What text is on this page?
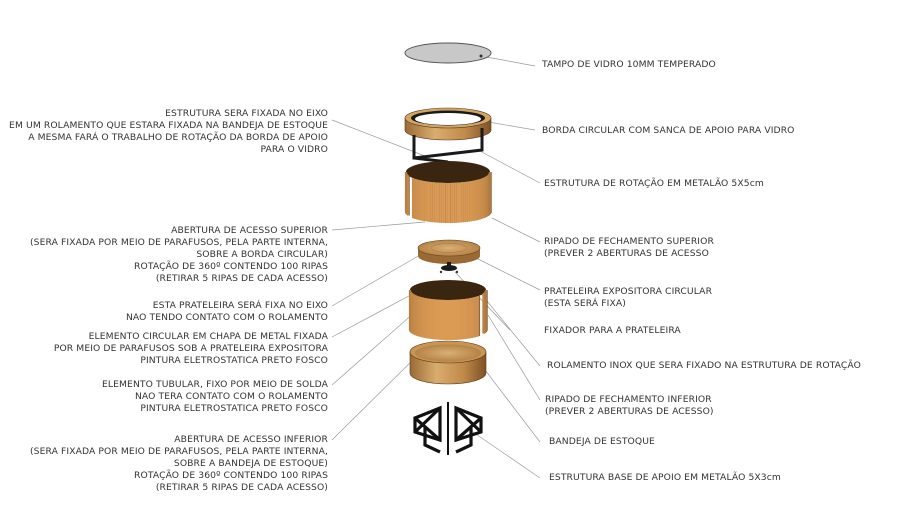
TAMPO DE VIDRO 10MM TEMPERADO
BORDA CIRCULAR COM SANCA DE APOIO PARA VIDRO
ESTRUTURA DE ROTAÇÃO EM METALÃO 5X5cm
RIPADO DE FECHAMENTO SUPERIOR
(PREVER 2 ABERTURAS DE ACESSO
PRATELEIRA EXPOSITORA CIRCULAR
(ESTA SERÁ FIXA)
FIXADOR PARA A PRATELEIRA
ROLAMENTO INOX QUE SERA FIXADO NA ESTRUTURA DE ROTAÇÃO
RIPADO DE FECHAMENTO INFERIOR
(PREVER 2 ABERTURAS DE ACESSO)
BANDEJA DE ESTOQUE
ESTRUTURA BASE DE APOIO EM METALÃO 5X3cm
ESTRUTURA SERA FIXADA NO EIXO
EM UM ROLAMENTO QUE ESTARA FIXADA NA BANDEJA DE ESTOQUE
A MESMA FARÁ O TRABALHO DE ROTAÇÃO DA BORDA DE APOIO
PARA O VIDRO
ABERTURA DE ACESSO SUPERIOR
(SERA FIXADA POR MEIO DE PARAFUSOS, PELA PARTE INTERNA,
SOBRE A BORDA CIRCULAR)
ROTAÇÃO DE 360º CONTENDO 100 RIPAS
(RETIRAR 5 RIPAS DE CADA ACESSO)
ESTA PRATELEIRA SERÁ FIXA NO EIXO
NAO TENDO CONTATO COM O ROLAMENTO
ELEMENTO CIRCULAR EM CHAPA DE METAL FIXADA
POR MEIO DE PARAFUSOS SOB A PRATELEIRA EXPOSITORA
PINTURA ELETROSTATICA PRETO FOSCO
ELEMENTO TUBULAR, FIXO POR MEIO DE SOLDA
NAO TERA CONTATO COM O ROLAMENTO
PINTURA ELETROSTATICA PRETO FOSCO
ABERTURA DE ACESSO INFERIOR
(SERA FIXADA POR MEIO DE PARAFUSOS, PELA PARTE INTERNA,
SOBRE A BANDEJA DE ESTOQUE)
ROTAÇÃO DE 360º CONTENDO 100 RIPAS
(RETIRAR 5 RIPAS DE CADA ACESSO)
